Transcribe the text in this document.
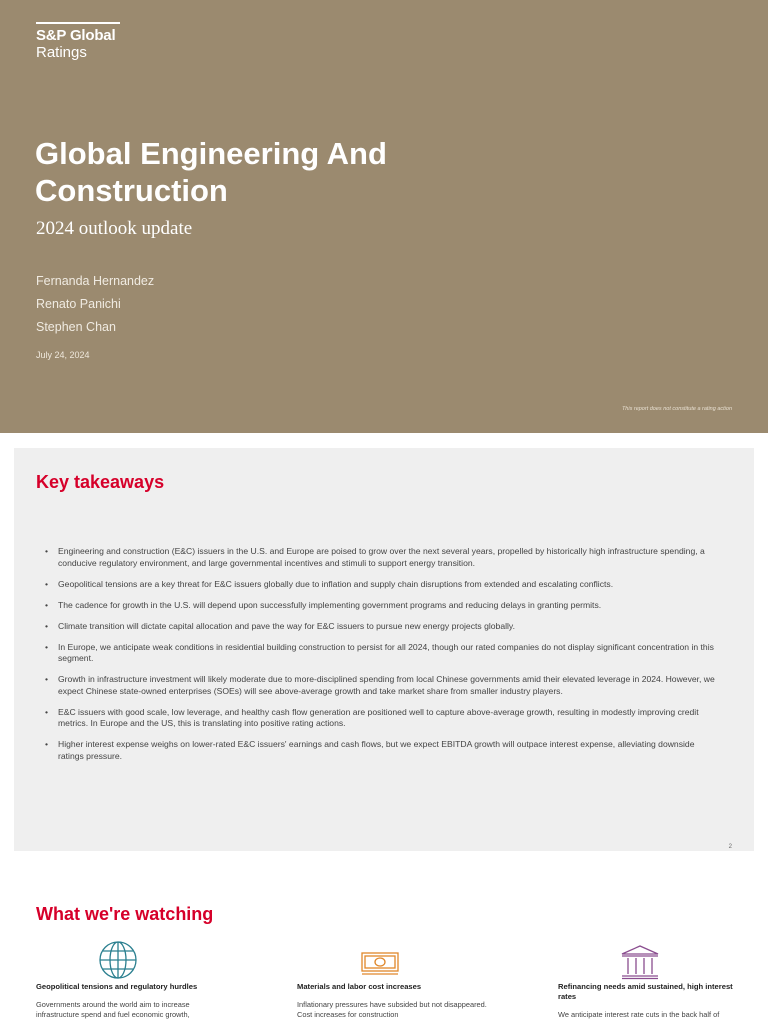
S&P Global
Ratings
Global Engineering And Construction
2024 outlook update
Fernanda Hernandez
Renato Panichi
Stephen Chan
July 24, 2024
This report does not constitute a rating action
Key takeaways
• Engineering and construction (E&C) issuers in the U.S. and Europe are poised to grow over the next several years, propelled by historically high infrastructure spending, a conducive regulatory environment, and large governmental incentives and stimuli to support energy transition.
• Geopolitical tensions are a key threat for E&C issuers globally due to inflation and supply chain disruptions from extended and escalating conflicts.
• The cadence for growth in the U.S. will depend upon successfully implementing government programs and reducing delays in granting permits.
• Climate transition will dictate capital allocation and pave the way for E&C issuers to pursue new energy projects globally.
• In Europe, we anticipate weak conditions in residential building construction to persist for all 2024, though our rated companies do not display significant concentration in this segment.
• Growth in infrastructure investment will likely moderate due to more-disciplined spending from local Chinese governments amid their elevated leverage in 2024. However, we expect Chinese state-owned enterprises (SOEs) will see above-average growth and take market share from smaller industry players.
• E&C issuers with good scale, low leverage, and healthy cash flow generation are positioned well to capture above-average growth, resulting in modestly improving credit metrics. In Europe and the US, this is translating into positive rating actions.
• Higher interest expense weighs on lower-rated E&C issuers' earnings and cash flows, but we expect EBITDA growth will outpace interest expense, alleviating downside ratings pressure.
2
What we're watching
Geopolitical tensions and regulatory hurdles
Governments around the world aim to increase infrastructure spend and fuel economic growth,
Materials and labor cost increases
Inflationary pressures have subsided but not disappeared. Cost increases for construction
Refinancing needs amid sustained, high interest rates
We anticipate interest rate cuts in the back half of
